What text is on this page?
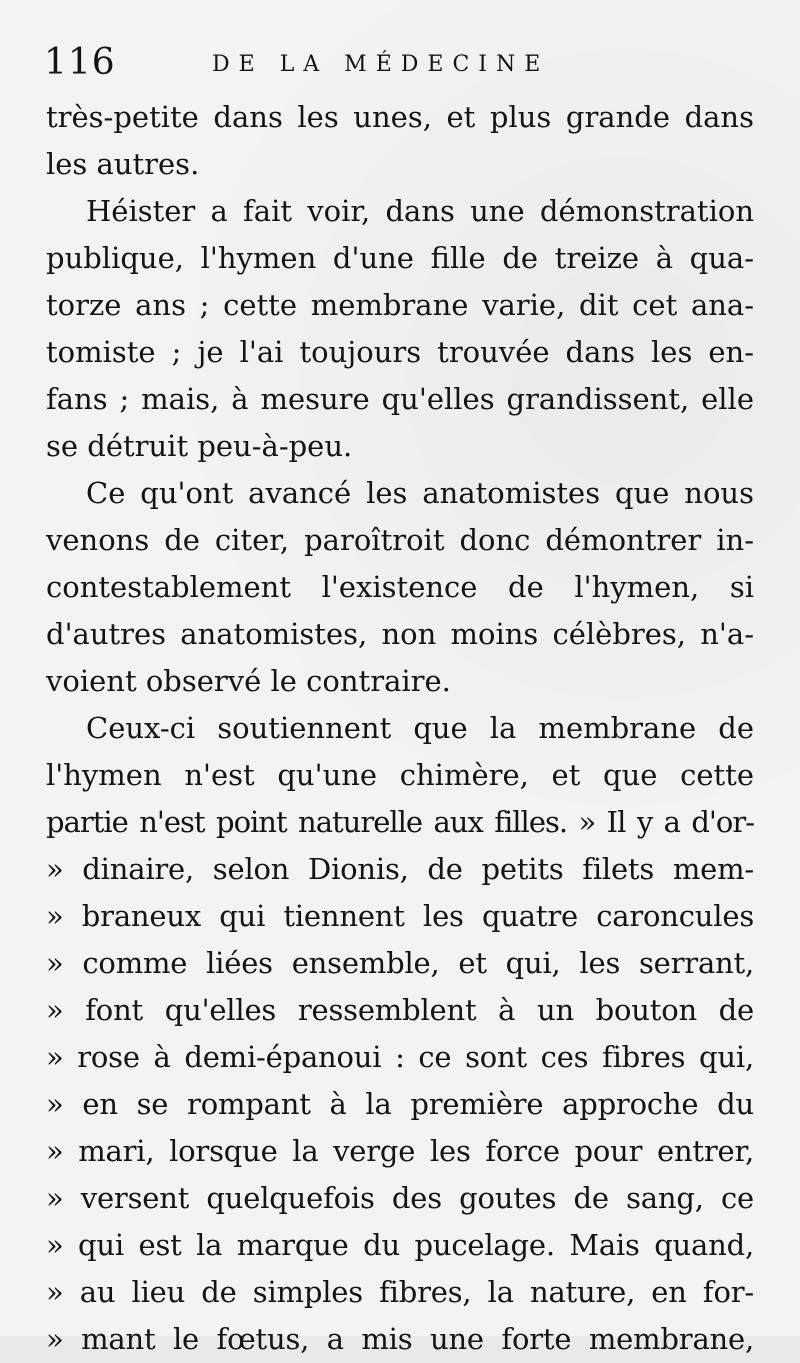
116	DE LA MÉDECINE
très-petite dans les unes, et plus grande dans
les autres.
Héister a fait voir, dans une démonstration
publique, l'hymen d'une fille de treize à qua-
torze ans ; cette membrane varie, dit cet ana-
tomiste ; je l'ai toujours trouvée dans les en-
fans ; mais, à mesure qu'elles grandissent, elle
se détruit peu-à-peu.
Ce qu'ont avancé les anatomistes que nous
venons de citer, paroîtroit donc démontrer in-
contestablement l'existence de l'hymen, si
d'autres anatomistes, non moins célèbres, n'a-
voient observé le contraire.
Ceux-ci soutiennent que la membrane de
l'hymen n'est qu'une chimère, et que cette
partie n'est point naturelle aux filles. » Il y a d'or-
» dinaire, selon Dionis, de petits filets mem-
» braneux qui tiennent les quatre caroncules
» comme liées ensemble, et qui, les serrant,
» font qu'elles ressemblent à un bouton de
» rose à demi-épanoui : ce sont ces fibres qui,
» en se rompant à la première approche du
» mari, lorsque la verge les force pour entrer,
» versent quelquefois des goutes de sang, ce
» qui est la marque du pucelage. Mais quand,
» au lieu de simples fibres, la nature, en for-
» mant le fœtus, a mis une forte membrane,
